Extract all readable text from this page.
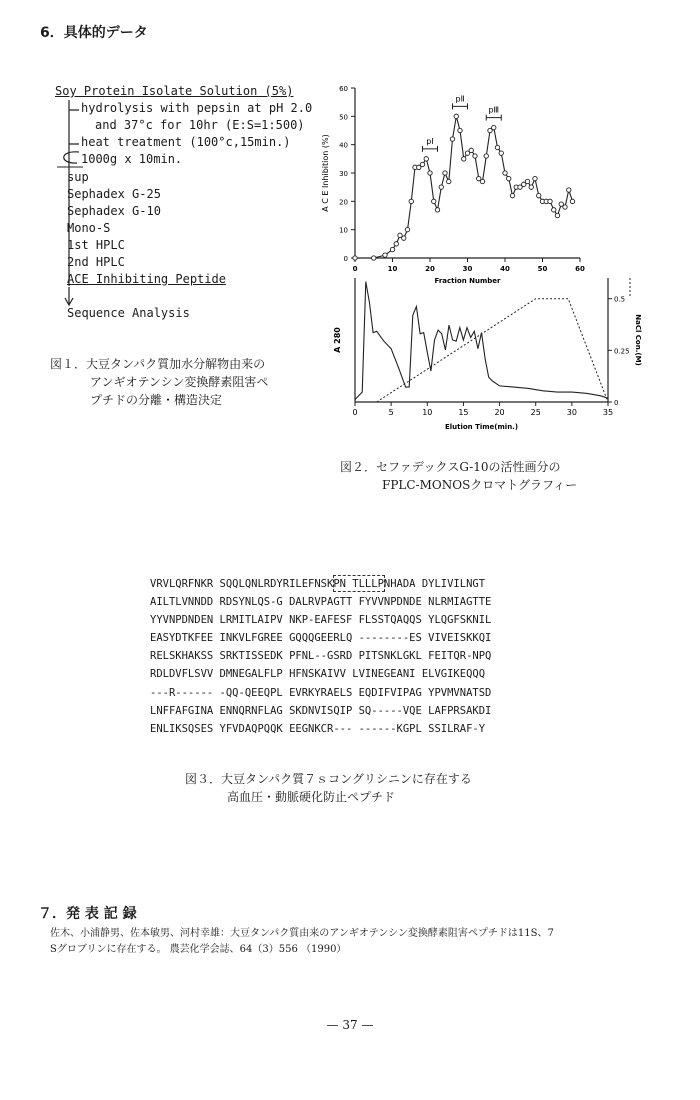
6．具体的データ
Soy Protein Isolate Solution (5%)
hydrolysis with pepsin at pH 2.0
and 37°c for 10hr (E:S=1:500)
heat treatment (100°c,15min.)
1000g x 10min.
sup
Sephadex G-25
Sephadex G-10
Mono-S
1st HPLC
2nd HPLC
ACE Inhibiting Peptide
Sequence Analysis
図１．大豆タンパク質加水分解物由来の
アンギオテンシン変換酵素阻害ペ
プチドの分離・構造決定
0
10
20
30
40
50
60
0	10	20	30	40	50	60
Fraction Number
A C E Inhibition (%)	pⅠ
pⅡ
pⅢ
0	5	10	15	20	25	30	35
Elution Time(min.)
A 280
0
0.25
0.5
NaCl Con.(M)
図２．セファデックスG-10の活性画分の
FPLC-MONOSクロマトグラフィー
VRVLQRFNKR SQQLQNLRDYRILEFNSKPN TLLLPNHADA DYLIVILNGT
AILTLVNNDD RDSYNLQS-G DALRVPAGTT FYVVNPDNDE NLRMIAGTTE
YYVNPDNDEN LRMITLAIPV NKP-EAFESF FLSSTQAQQS YLQGFSKNIL
EASYDTKFEE INKVLFGREE GQQQGEERLQ --------ES VIVEISKKQI
RELSKHAKSS SRKTISSEDK PFNL--GSRD PITSNKLGKL FEITQR-NPQ
RDLDVFLSVV DMNEGALFLP HFNSKAIVV LVINEGEANI ELVGIKEQQQ
---R------ -QQ-QEEQPL EVRKYRAELS EQDIFVIPAG YPVMVNATSD
LNFFAFGINA ENNQRNFLAG SKDNVISQIP SQ-----VQE LAFPRSAKDI
ENLIKSQSES YFVDAQPQQK EEGNKCR--- ------KGPL SSILRAF-Y
図３．大豆タンパク質７ｓコングリシニンに存在する
高血圧・動脈硬化防止ペプチド
７．発 表 記 録
佐木、小浦静男、佐本敏男、河村幸雄：大豆タンパク質由来のアンギオテンシン変換酵素阻害ペプチドは11S、7
Sグロブリンに存在する。 農芸化学会誌、64（3）556 （1990）
— 37 —
